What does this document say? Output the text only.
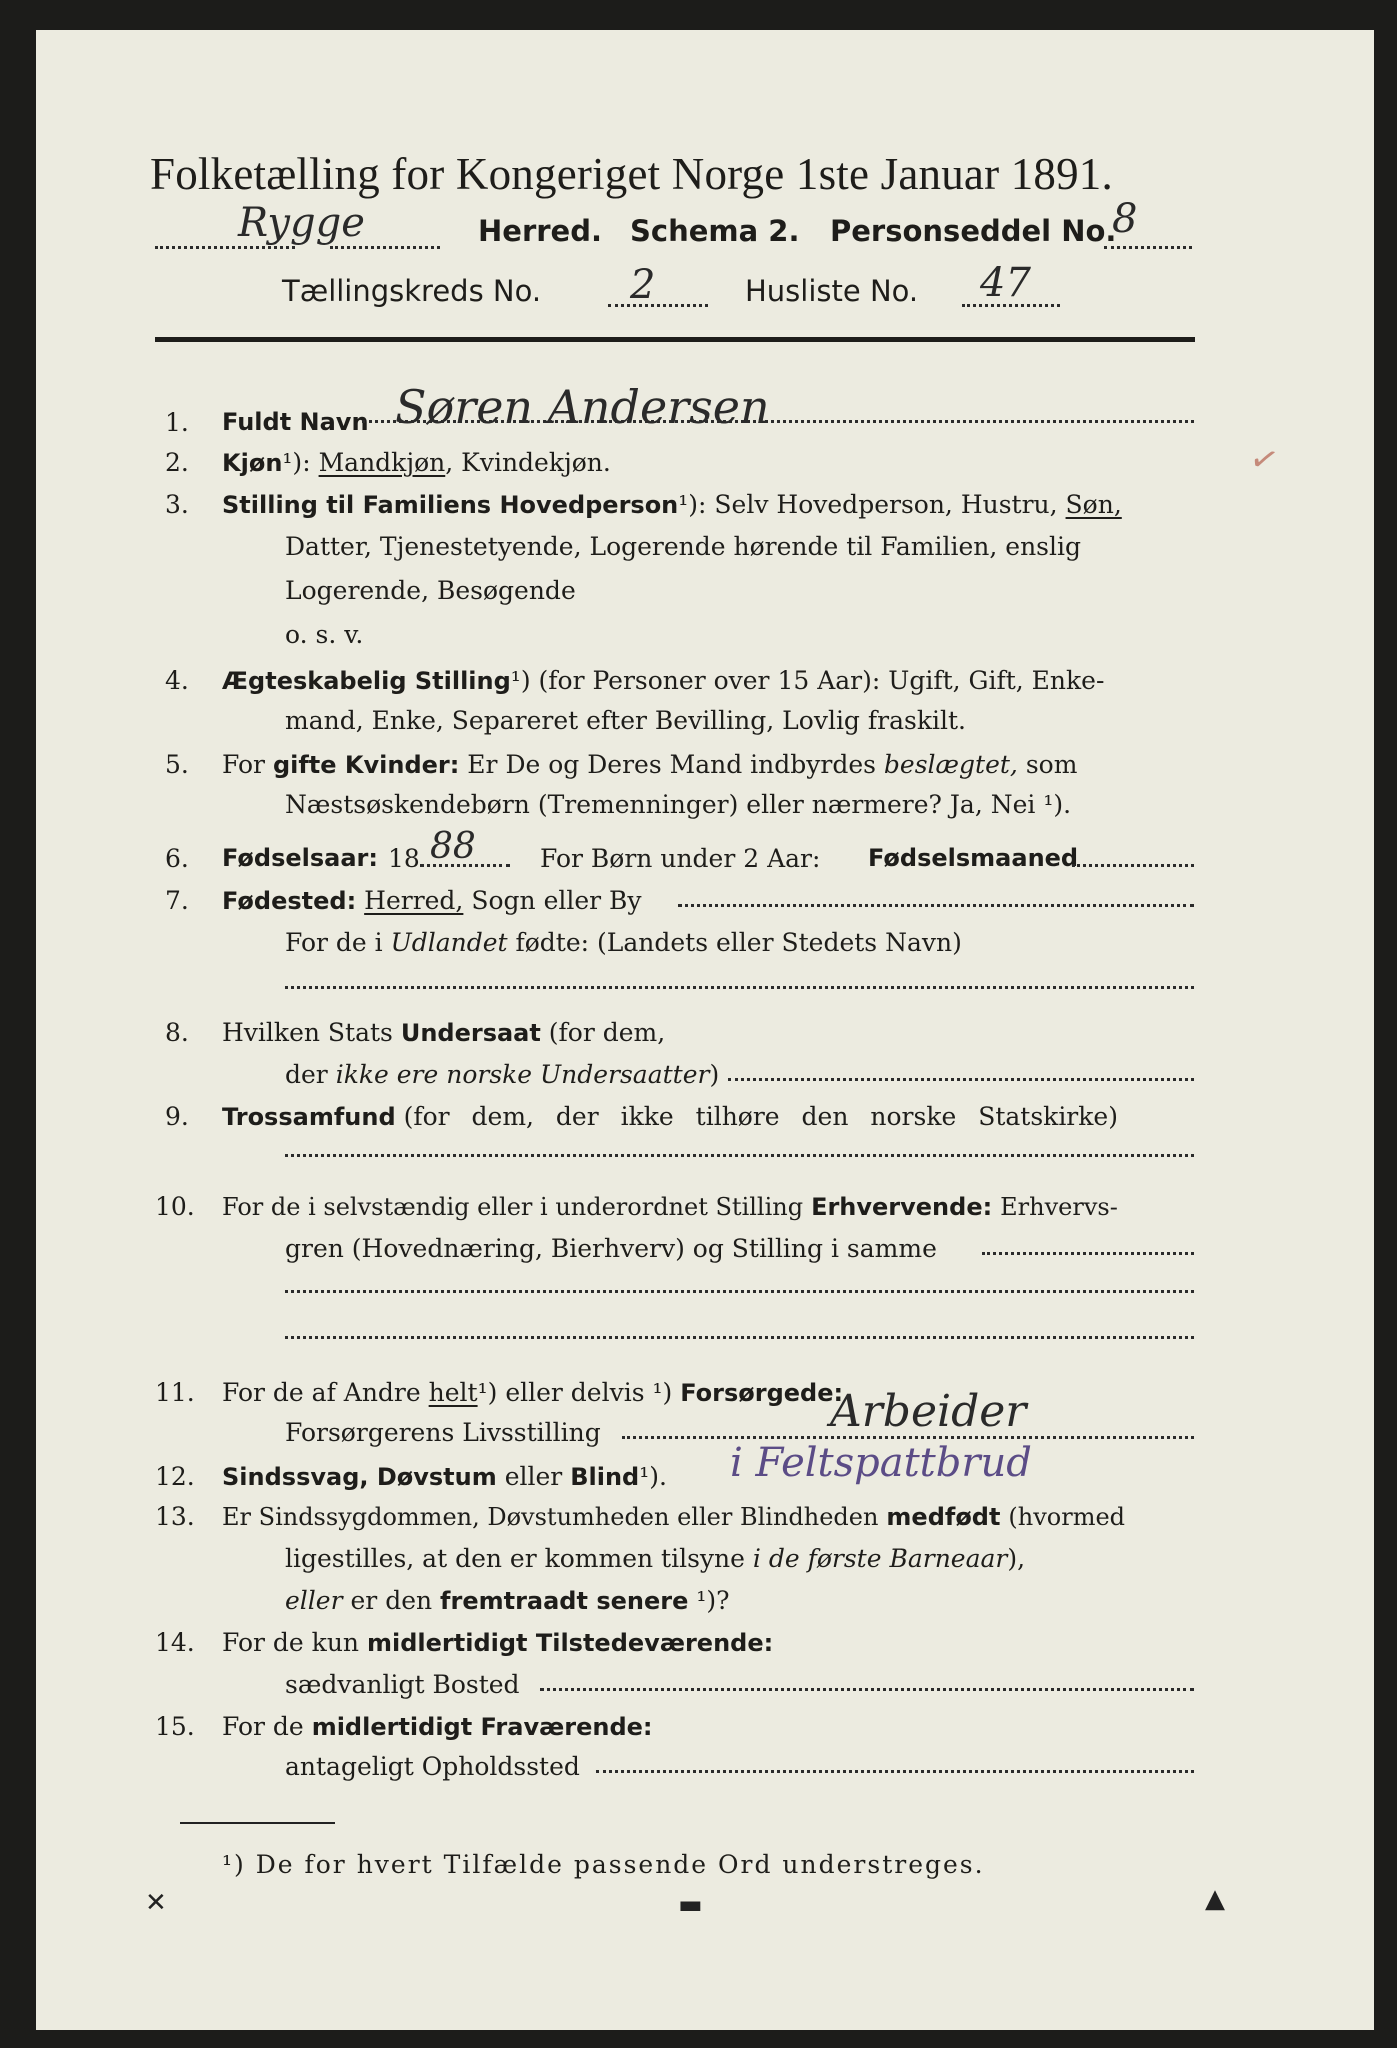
Folketælling for Kongeriget Norge 1ste Januar 1891.
Rygge	Herred. Schema 2. Personseddel No.
8
Tællingskreds No. 2	Husliste No. 47
1. Fuldt Navn Søren Andersen
2. Kjøn¹): Mandkjøn, Kvindekjøn.
3. Stilling til Familiens Hovedperson¹): Selv Hovedperson, Hustru, Søn,
Datter, Tjenestetyende, Logerende hørende til Familien, enslig
Logerende, Besøgende
o. s. v.
✓
4. Ægteskabelig Stilling¹) (for Personer over 15 Aar): Ugift, Gift, Enke-
mand, Enke, Separeret efter Bevilling, Lovlig fraskilt.
5. For gifte Kvinder: Er De og Deres Mand indbyrdes beslægtet, som
Næstsøskendebørn (Tremenninger) eller nærmere? Ja, Nei ¹).
6. Fødselsaar: 18 88	For Børn under 2 Aar: Fødselsmaaned
7. Fødested: Herred, Sogn eller By
For de i Udlandet fødte: (Landets eller Stedets Navn)
8. Hvilken Stats Undersaat (for dem,
der ikke ere norske Undersaatter)
9. Trossamfund (for dem, der ikke tilhøre den norske Statskirke)
10. For de i selvstændig eller i underordnet Stilling Erhvervende: Erhvervs-
gren (Hovednæring, Bierhverv) og Stilling i samme
11. For de af Andre helt¹) eller delvis ¹) Forsørgede:
Forsørgerens Livsstilling	Arbeider
12. Sindssvag, Døvstum eller Blind¹). i Feltspattbrud
13. Er Sindssygdommen, Døvstumheden eller Blindheden medfødt (hvormed
ligestilles, at den er kommen tilsyne i de første Barneaar),
eller er den fremtraadt senere ¹)?
14. For de kun midlertidigt Tilstedeværende:
sædvanligt Bosted
15. For de midlertidigt Fraværende:
antageligt Opholdssted
¹) De for hvert Tilfælde passende Ord understreges.
✕	▬	▲
